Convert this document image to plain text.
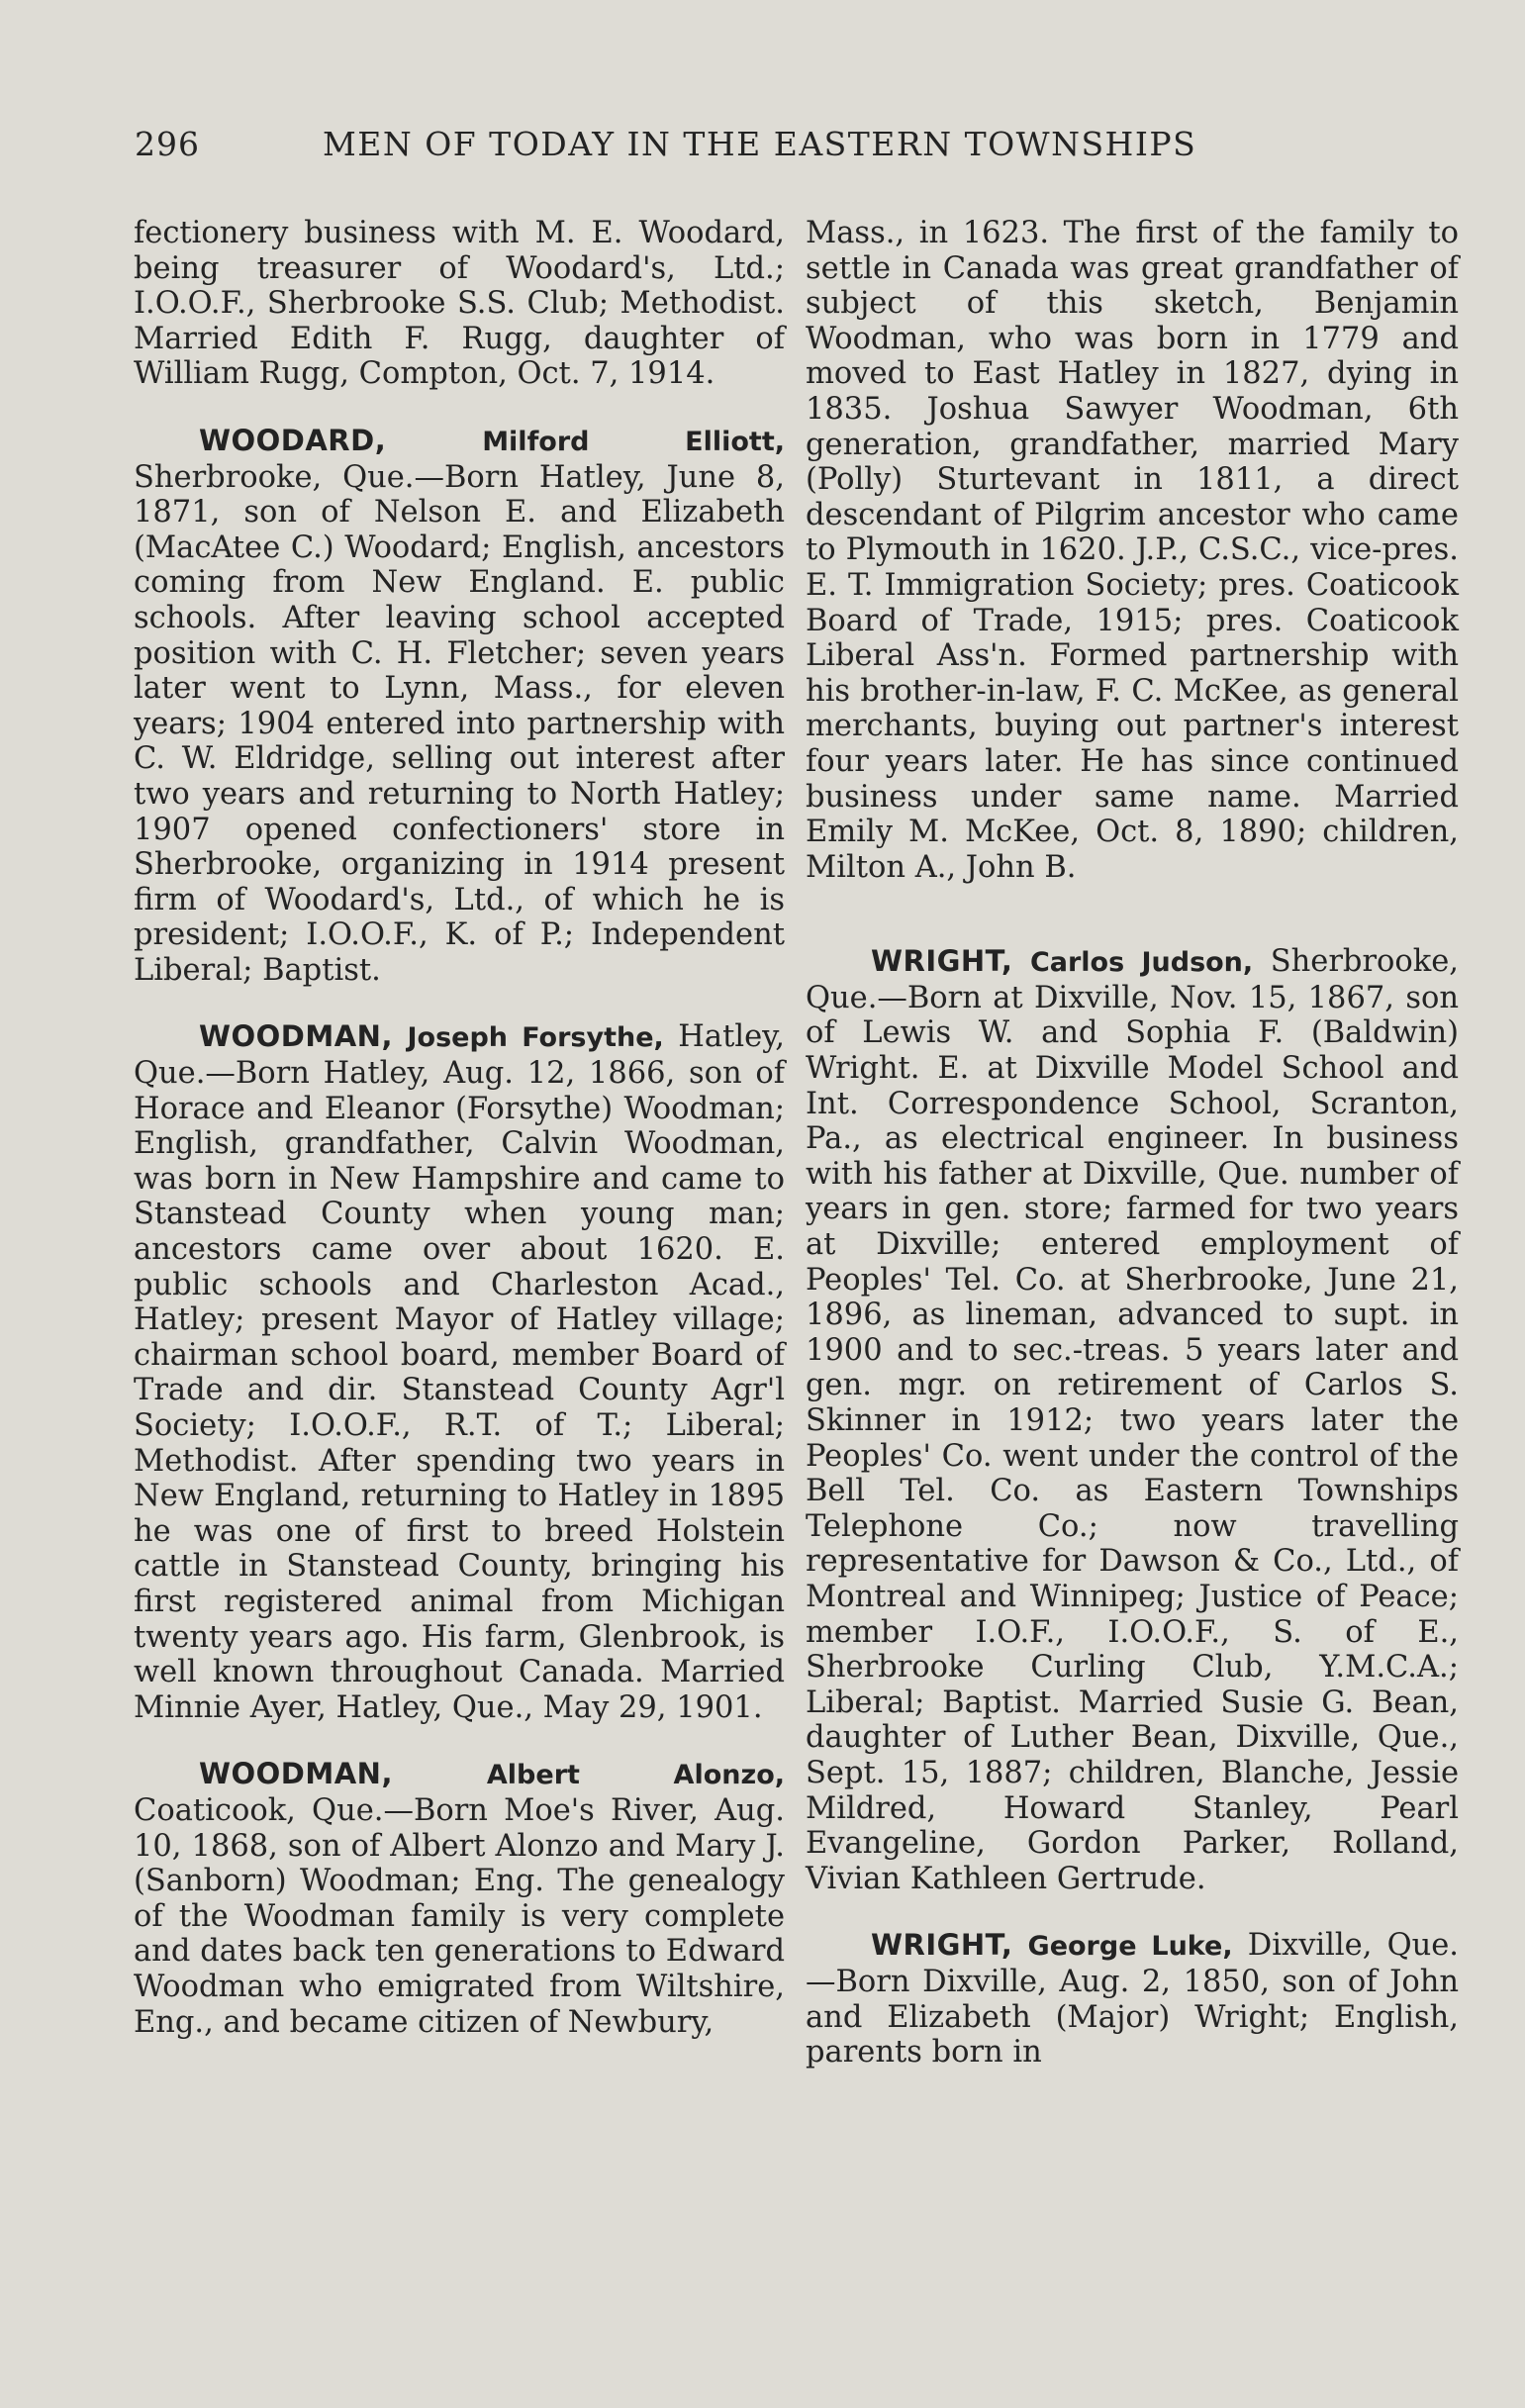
296	MEN OF TODAY IN THE EASTERN TOWNSHIPS

fectionery business with M. E. Woodard, being treasurer of Woodard's, Ltd.; I.O.O.F., Sherbrooke S.S. Club; Methodist. Married Edith F. Rugg, daughter of William Rugg, Compton, Oct. 7, 1914.

WOODARD,	Milford Elliott, Sherbrooke, Que.—Born Hatley, June 8, 1871, son of Nelson E. and Elizabeth (MacAtee C.) Woodard; English, ancestors coming from New England. E. public schools. After leaving school accepted position with C. H. Fletcher; seven years later went to Lynn, Mass., for eleven years; 1904 entered into partnership with C. W. Eldridge, selling out interest after two years and returning to North Hatley; 1907 opened confectioners' store in Sherbrooke, organizing in 1914 present firm of Woodard's, Ltd., of which he is president; I.O.O.F., K. of P.; Independent Liberal; Baptist.

WOODMAN, Joseph Forsythe, Hatley, Que.—Born Hatley, Aug. 12, 1866, son of Horace and Eleanor (Forsythe) Woodman; English, grandfather, Calvin Woodman, was born in New Hampshire and came to Stanstead County when young man; ancestors came over about 1620. E. public schools and Charleston Acad., Hatley; present Mayor of Hatley village; chairman school board, member Board of Trade and dir. Stanstead County Agr'l Society; I.O.O.F., R.T. of T.; Liberal; Methodist. After spending two years in New England, returning to Hatley in 1895 he was one of first to breed Holstein cattle in Stanstead County, bringing his first registered animal from Michigan twenty years ago. His farm, Glenbrook, is well known throughout Canada. Married Minnie Ayer, Hatley, Que., May 29, 1901.

WOODMAN,	Albert Alonzo, Coaticook, Que.—Born Moe's River, Aug. 10, 1868, son of Albert Alonzo and Mary J. (Sanborn) Woodman; Eng. The genealogy of the Woodman family is very complete and dates back ten generations to Edward Woodman who emigrated from Wiltshire, Eng., and became citizen of Newbury,

Mass., in 1623. The first of the family to settle in Canada was great grandfather of subject of this sketch, Benjamin Woodman, who was born in 1779 and moved to East Hatley in 1827, dying in 1835. Joshua Sawyer Woodman, 6th generation, grandfather, married Mary (Polly) Sturtevant in 1811, a direct descendant of Pilgrim ancestor who came to Plymouth in 1620. J.P., C.S.C., vice-pres. E. T. Immigration Society; pres. Coaticook Board of Trade, 1915; pres. Coaticook Liberal Ass'n. Formed partnership with his brother-in-law, F. C. McKee, as general merchants, buying out partner's interest four years later. He has since continued business under same name. Married Emily M. McKee, Oct. 8, 1890; children, Milton A., John B.

WRIGHT, Carlos Judson, Sherbrooke, Que.—Born at Dixville, Nov. 15, 1867, son of Lewis W. and Sophia F. (Baldwin) Wright. E. at Dixville Model School and Int. Correspondence School, Scranton, Pa., as electrical engineer. In business with his father at Dixville, Que. number of years in gen. store; farmed for two years at Dixville; entered employment of Peoples' Tel. Co. at Sherbrooke, June 21, 1896, as lineman, advanced to supt. in 1900 and to sec.-treas. 5 years later and gen. mgr. on retirement of Carlos S. Skinner in 1912; two years later the Peoples' Co. went under the control of the Bell Tel. Co. as Eastern Townships Telephone Co.; now travelling representative for Dawson & Co., Ltd., of Montreal and Winnipeg; Justice of Peace; member I.O.F., I.O.O.F., S. of E., Sherbrooke Curling Club, Y.M.C.A.; Liberal; Baptist. Married Susie G. Bean, daughter of Luther Bean, Dixville, Que., Sept. 15, 1887; children, Blanche, Jessie Mildred, Howard Stanley, Pearl Evangeline, Gordon Parker, Rolland, Vivian Kathleen Gertrude.

WRIGHT, George Luke, Dixville, Que.—Born Dixville, Aug. 2, 1850, son of John and Elizabeth (Major) Wright; English, parents born in
